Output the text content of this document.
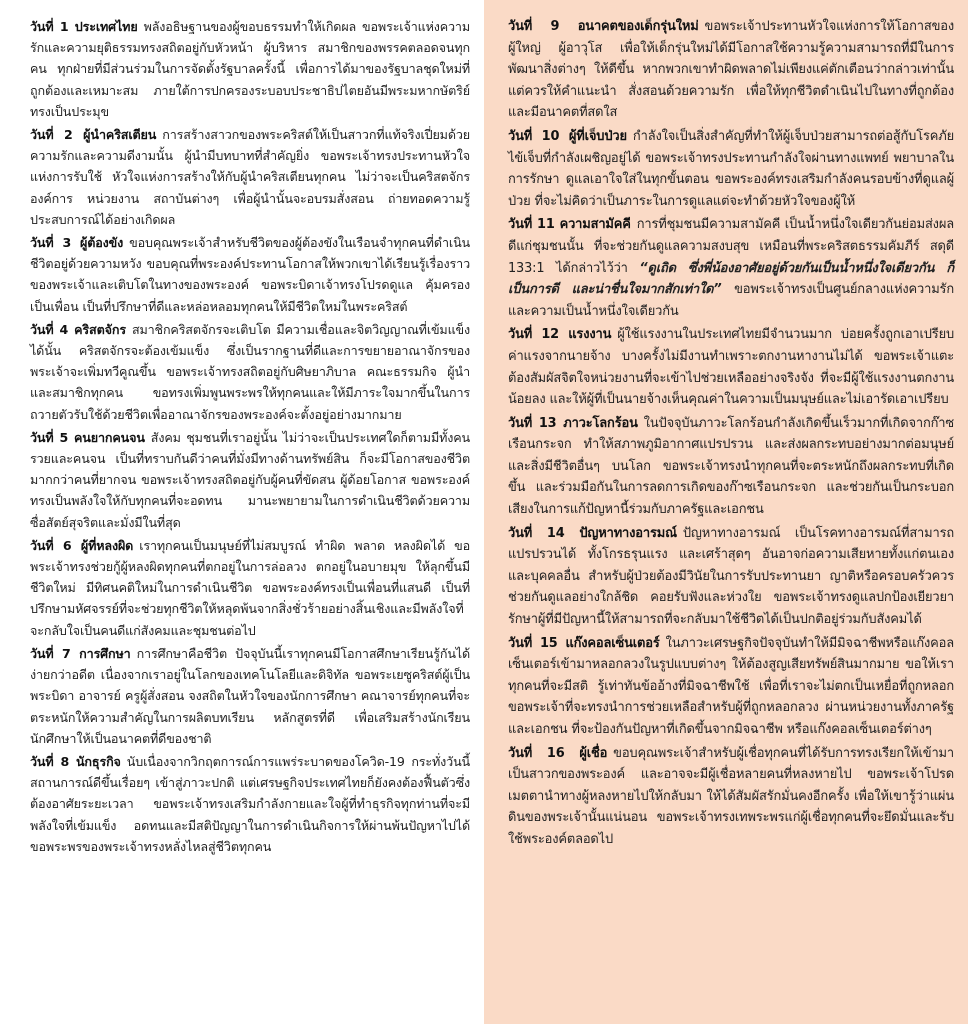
วันที่ 1 ประเทศไทย พลังอธิษฐานของผู้ขอบธรรมทำให้เกิดผล ขอพระเจ้าแห่งความรักและความยุติธรรมทรงสถิตอยู่กับหัวหน้า ผู้บริหาร สมาชิกของพรรคตลอดจนทุกคน ทุกฝ่ายที่มีส่วนร่วมในการจัดตั้งรัฐบาลครั้งนี้ เพื่อการได้มาของรัฐบาลชุดใหม่ที่ถูกต้องและเหมาะสม ภายใต้การปกครองระบอบประชาธิปไตยอันมีพระมหากษัตริย์ทรงเป็นประมุข

วันที่ 2 ผู้นำคริสเตียน การสร้างสาวกของพระคริสต์ให้เป็นสาวกที่แท้จริงเปี่ยมด้วยความรักและความดีงามนั้น ผู้นำมีบทบาทที่สำคัญยิ่ง ขอพระเจ้าทรงประทานหัวใจแห่งการรับใช้ หัวใจแห่งการสร้างให้กับผู้นำคริสเตียนทุกคน ไม่ว่าจะเป็นคริสตจักร องค์การ หน่วยงาน สถาบันต่างๆ เพื่อผู้นำนั้นจะอบรมสั่งสอน ถ่ายทอดความรู้ ประสบการณ์ได้อย่างเกิดผล

วันที่ 3 ผู้ต้องขัง ขอบคุณพระเจ้าสำหรับชีวิตของผู้ต้องขังในเรือนจำทุกคนที่ดำเนินชีวิตอยู่ด้วยความหวัง ขอบคุณที่พระองค์ประทานโอกาสให้พวกเขาได้เรียนรู้เรื่องราวของพระเจ้าและเติบโตในทางของพระองค์ ขอพระบิดาเจ้าทรงโปรดดูแล คุ้มครอง เป็นเพื่อน เป็นที่ปรึกษาที่ดีและหล่อหลอมทุกคนให้มีชีวิตใหม่ในพระคริสต์

วันที่ 4 คริสตจักร สมาชิกคริสตจักรจะเติบโต มีความเชื่อและจิตวิญญาณที่เข้มแข็งได้นั้น คริสตจักรจะต้องเข้มแข็ง ซึ่งเป็นรากฐานที่ดีและการขยายอาณาจักรของพระเจ้าจะเพิ่มทวีคูณขึ้น ขอพระเจ้าทรงสถิตอยู่กับศิษยาภิบาล คณะธรรมกิจ ผู้นำและสมาชิกทุกคน ขอทรงเพิ่มพูนพระพรให้ทุกคนและให้มีภาระใจมากขึ้นในการถวายตัวรับใช้ด้วยชีวิตเพื่ออาณาจักรของพระองค์จะตั้งอยู่อย่างมากมาย

วันที่ 5 คนยากคนจน สังคม ชุมชนที่เราอยู่นั้น ไม่ว่าจะเป็นประเทศใดก็ตามมีทั้งคนรวยและคนจน เป็นที่ทราบกันดีว่าคนที่มั่งมีทางด้านทรัพย์สิน ก็จะมีโอกาสของชีวิตมากกว่าคนที่ยากจน ขอพระเจ้าทรงสถิตอยู่กับผู้คนที่ขัดสน ผู้ด้อยโอกาส ขอพระองค์ทรงเป็นพลังใจให้กับทุกคนที่จะอดทน มานะพยายามในการดำเนินชีวิตด้วยความซื่อสัตย์สุจริตและมั่งมีในที่สุด

วันที่ 6 ผู้ที่หลงผิด เราทุกคนเป็นมนุษย์ที่ไม่สมบูรณ์ ทำผิด พลาด หลงผิดได้ ขอพระเจ้าทรงช่วยกู้ผู้หลงผิดทุกคนที่ตกอยู่ในการล่อลวง ตกอยู่ในอบายมุข ให้ลุกขึ้นมีชีวิตใหม่ มีทิศนคติใหม่ในการดำเนินชีวิต ขอพระองค์ทรงเป็นเพื่อนที่แสนดี เป็นที่ปรึกษามหัศจรรย์ที่จะช่วยทุกชีวิตให้หลุดพ้นจากสิ่งชั่วร้ายอย่างสิ้นเชิงและมีพลังใจที่จะกลับใจเป็นคนดีแก่สังคมและชุมชนต่อไป

วันที่ 7 การศึกษา การศึกษาคือชีวิต ปัจจุบันนี้เราทุกคนมีโอกาสศึกษาเรียนรู้กันได้ง่ายกว่าอดีต เนื่องจากเราอยู่ในโลกของเทคโนโลยีและดิจิทัล ขอพระเยซูคริสต์ผู้เป็นพระบิดา อาจารย์ ครูผู้สั่งสอน จงสถิตในหัวใจของนักการศึกษา คณาจารย์ทุกคนที่จะตระหนักให้ความสำคัญในการผลิตบทเรียน หลักสูตรที่ดี เพื่อเสริมสร้างนักเรียน นักศึกษาให้เป็นอนาคตที่ดีของชาติ

วันที่ 8 นักธุรกิจ นับเนื่องจากวิกฤตการณ์การแพร่ระบาดของโควิด-19 กระทั่งวันนี้สถานการณ์ดีขึ้นเรื่อยๆ เข้าสู่ภาวะปกติ แต่เศรษฐกิจประเทศไทยก็ยังคงต้องฟื้นตัวซึ่งต้องอาศัยระยะเวลา ขอพระเจ้าทรงเสริมกำลังกายและใจผู้ที่ทำธุรกิจทุกท่านที่จะมีพลังใจที่เข้มแข็ง อดทนและมีสติปัญญาในการดำเนินกิจการให้ผ่านพ้นปัญหาไปได้ ขอพระพรของพระเจ้าทรงหลั่งไหลสู่ชีวิตทุกคน

วันที่ 9 อนาคตของเด็กรุ่นใหม่ ขอพระเจ้าประทานหัวใจแห่งการให้โอกาสของผู้ใหญ่ ผู้อาวุโส เพื่อให้เด็กรุ่นใหม่ได้มีโอกาสใช้ความรู้ความสามารถที่มีในการพัฒนาสิ่งต่างๆ ให้ดีขึ้น หากพวกเขาทำผิดพลาดไม่เพียงแค่ตักเตือนว่ากล่าวเท่านั้น แต่ควรให้คำแนะนำ สั่งสอนด้วยความรัก เพื่อให้ทุกชีวิตดำเนินไปในทางที่ถูกต้อง และมีอนาคตที่สดใส

วันที่ 10 ผู้ที่เจ็บป่วย กำลังใจเป็นสิ่งสำคัญที่ทำให้ผู้เจ็บป่วยสามารถต่อสู้กับโรคภัยไข้เจ็บที่กำลังเผชิญอยู่ได้ ขอพระเจ้าทรงประทานกำลังใจผ่านทางแพทย์ พยาบาลในการรักษา ดูแลเอาใจใส่ในทุกขั้นตอน ขอพระองค์ทรงเสริมกำลังคนรอบข้างที่ดูแลผู้ป่วย ที่จะไม่คิดว่าเป็นภาระในการดูแลแต่จะทำด้วยหัวใจของผู้ให้

วันที่ 11 ความสามัคคี การที่ชุมชนมีความสามัคคี เป็นน้ำหนึ่งใจเดียวกันย่อมส่งผลดีแก่ชุมชนนั้น ที่จะช่วยกันดูแลความสงบสุข เหมือนที่พระคริสตธรรมคัมภีร์ สดุดี 133:1 ได้กล่าวไว้ว่า “ดูเถิด ซึ่งพี่น้องอาศัยอยู่ด้วยกันเป็นน้ำหนึ่งใจเดียวกัน ก็เป็นการดี และน่าชื่นใจมากสักเท่าใด” ขอพระเจ้าทรงเป็นศูนย์กลางแห่งความรักและความเป็นน้ำหนึ่งใจเดียวกัน

วันที่ 12 แรงงาน ผู้ใช้แรงงานในประเทศไทยมีจำนวนมาก บ่อยครั้งถูกเอาเปรียบค่าแรงจากนายจ้าง บางครั้งไม่มีงานทำเพราะตกงานหางานไม่ได้ ขอพระเจ้าแตะต้องสัมผัสจิตใจหน่วยงานที่จะเข้าไปช่วยเหลืออย่างจริงจัง ที่จะมีผู้ใช้แรงงานตกงานน้อยลง และให้ผู้ที่เป็นนายจ้างเห็นคุณค่าในความเป็นมนุษย์และไม่เอารัดเอาเปรียบ

วันที่ 13 ภาวะโลกร้อน ในปัจจุบันภาวะโลกร้อนกำลังเกิดขึ้นเร็วมากที่เกิดจากก๊าซเรือนกระจก ทำให้สภาพภูมิอากาศแปรปรวน และส่งผลกระทบอย่างมากต่อมนุษย์และสิ่งมีชีวิตอื่นๆ บนโลก ขอพระเจ้าทรงนำทุกคนที่จะตระหนักถึงผลกระทบที่เกิดขึ้น และร่วมมือกันในการลดการเกิดของก๊าซเรือนกระจก และช่วยกันเป็นกระบอกเสียงในการแก้ปัญหานี้ร่วมกับภาครัฐและเอกชน

วันที่ 14 ปัญหาทางอารมณ์ ปัญหาทางอารมณ์ เป็นโรคทางอารมณ์ที่สามารถแปรปรวนได้ ทั้งโกรธรุนแรง และเศร้าสุดๆ อันอาจก่อความเสียหายทั้งแก่ตนเองและบุคคลอื่น สำหรับผู้ป่วยต้องมีวินัยในการรับประทานยา ญาติหรือครอบครัวควรช่วยกันดูแลอย่างใกล้ชิด คอยรับฟังและห่วงใย ขอพระเจ้าทรงดูแลปกป้องเยียวยารักษาผู้ที่มีปัญหานี้ให้สามารถที่จะกลับมาใช้ชีวิตได้เป็นปกติอยู่ร่วมกับสังคมได้

วันที่ 15 แก๊งคอลเซ็นเตอร์ ในภาวะเศรษฐกิจปัจจุบันทำให้มีมิจฉาชีพหรือแก๊งคอลเซ็นเตอร์เข้ามาหลอกลวงในรูปแบบต่างๆ ให้ต้องสูญเสียทรัพย์สินมากมาย ขอให้เราทุกคนที่จะมีสติ รู้เท่าทันข้ออ้างที่มิจฉาชีพใช้ เพื่อที่เราจะไม่ตกเป็นเหยื่อที่ถูกหลอก ขอพระเจ้าที่จะทรงนำการช่วยเหลือสำหรับผู้ที่ถูกหลอกลวง ผ่านหน่วยงานทั้งภาครัฐและเอกชน ที่จะป้องกันปัญหาที่เกิดขึ้นจากมิจฉาชีพ หรือแก๊งคอลเซ็นเตอร์ต่างๆ

วันที่ 16 ผู้เชื่อ ขอบคุณพระเจ้าสำหรับผู้เชื่อทุกคนที่ได้รับการทรงเรียกให้เข้ามาเป็นสาวกของพระองค์ และอาจจะมีผู้เชื่อหลายคนที่หลงหายไป ขอพระเจ้าโปรดเมตตานำทางผู้หลงหายไปให้กลับมา ให้ได้สัมผัสรักมั่นคงอีกครั้ง เพื่อให้เขารู้ว่าแผ่นดินของพระเจ้านั้นแน่นอน ขอพระเจ้าทรงเทพระพรแก่ผู้เชื่อทุกคนที่จะยึดมั่นและรับใช้พระองค์ตลอดไป
